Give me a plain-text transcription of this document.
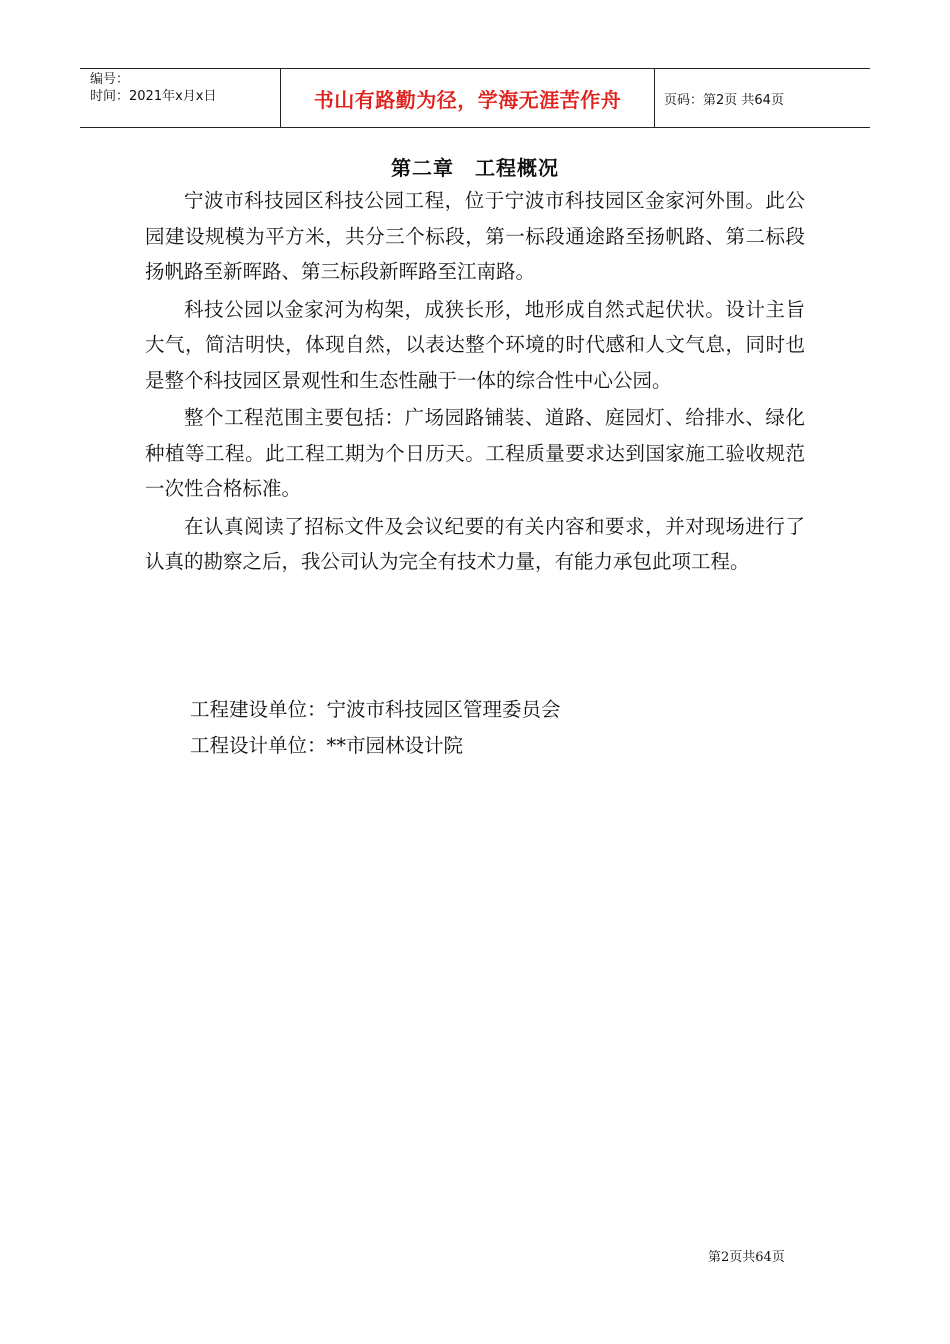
编号：
时间：2021年x月x日	书山有路勤为径，学海无涯苦作舟	页码：第2页 共64页
第二章　工程概况

宁波市科技园区科技公园工程，位于宁波市科技园区金家河外围。此公园建设规模为平方米，共分三个标段，第一标段通途路至扬帆路、第二标段扬帆路至新晖路、第三标段新晖路至江南路。

科技公园以金家河为构架，成狭长形，地形成自然式起伏状。设计主旨大气，简洁明快，体现自然，以表达整个环境的时代感和人文气息，同时也是整个科技园区景观性和生态性融于一体的综合性中心公园。

整个工程范围主要包括：广场园路铺装、道路、庭园灯、给排水、绿化种植等工程。此工程工期为个日历天。工程质量要求达到国家施工验收规范一次性合格标准。

在认真阅读了招标文件及会议纪要的有关内容和要求，并对现场进行了认真的勘察之后，我公司认为完全有技术力量，有能力承包此项工程。

工程建设单位：宁波市科技园区管理委员会
工程设计单位：**市园林设计院
第2页共64页
